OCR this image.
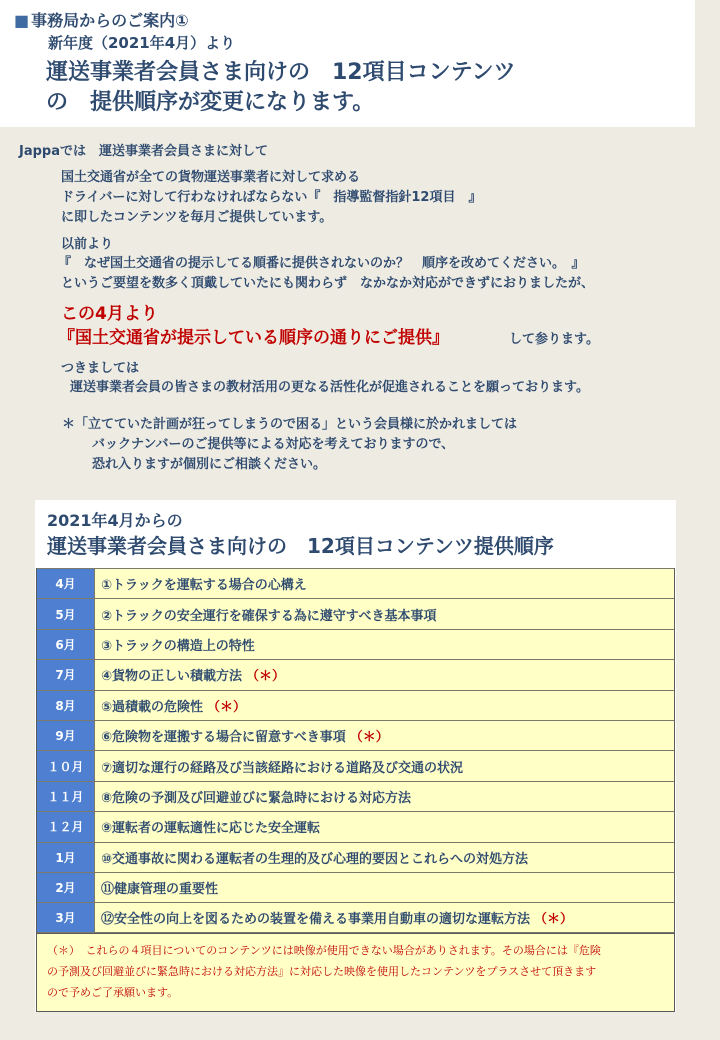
■ 事務局からのご案内①
新年度（2021年4月）より
運送事業者会員さま向けの　12項目コンテンツ
の　提供順序が変更になります。
Jappaでは　運送事業者会員さまに対して
国土交通省が全ての貨物運送事業者に対して求める
ドライバーに対して行わなければならない『　指導監督指針12項目　』
に即したコンテンツを毎月ご提供しています。
以前より
『　なぜ国土交通省の提示してる順番に提供されないのか？　順序を改めてください。　』
というご要望を数多く頂戴していたにも関わらず　なかなか対応ができずにおりましたが、
この4月より
『国土交通省が提示している順序の通りにご提供』	して参ります。
つきましては
運送事業者会員の皆さまの教材活用の更なる活性化が促進されることを願っております。
＊「立てていた計画が狂ってしまうので困る」という会員様に於かれましては
バックナンバーのご提供等による対応を考えておりますので、
恐れ入りますが個別にご相談ください。
2021年4月からの
運送事業者会員さま向けの　12項目コンテンツ提供順序
4月	①トラックを運転する場合の心構え
5月	②トラックの安全運行を確保する為に遵守すべき基本事項
6月	③トラックの構造上の特性
7月	④貨物の正しい積載方法 （＊）
8月	⑤過積載の危険性 （＊）
9月	⑥危険物を運搬する場合に留意すべき事項 （＊）
１０月	⑦適切な運行の経路及び当該経路における道路及び交通の状況
１１月	⑧危険の予測及び回避並びに緊急時における対応方法
１２月	⑨運転者の運転適性に応じた安全運転
1月	⑩交通事故に関わる運転者の生理的及び心理的要因とこれらへの対処方法
2月	⑪健康管理の重要性
3月	⑫安全性の向上を図るための装置を備える事業用自動車の適切な運転方法 （＊）
（＊）　これらの４項目についてのコンテンツには映像が使用できない場合がありされます。その場合には『危険
の予測及び回避並びに緊急時における対応方法』に対応した映像を使用したコンテンツをプラスさせて頂きます
ので予めご了承願います。
